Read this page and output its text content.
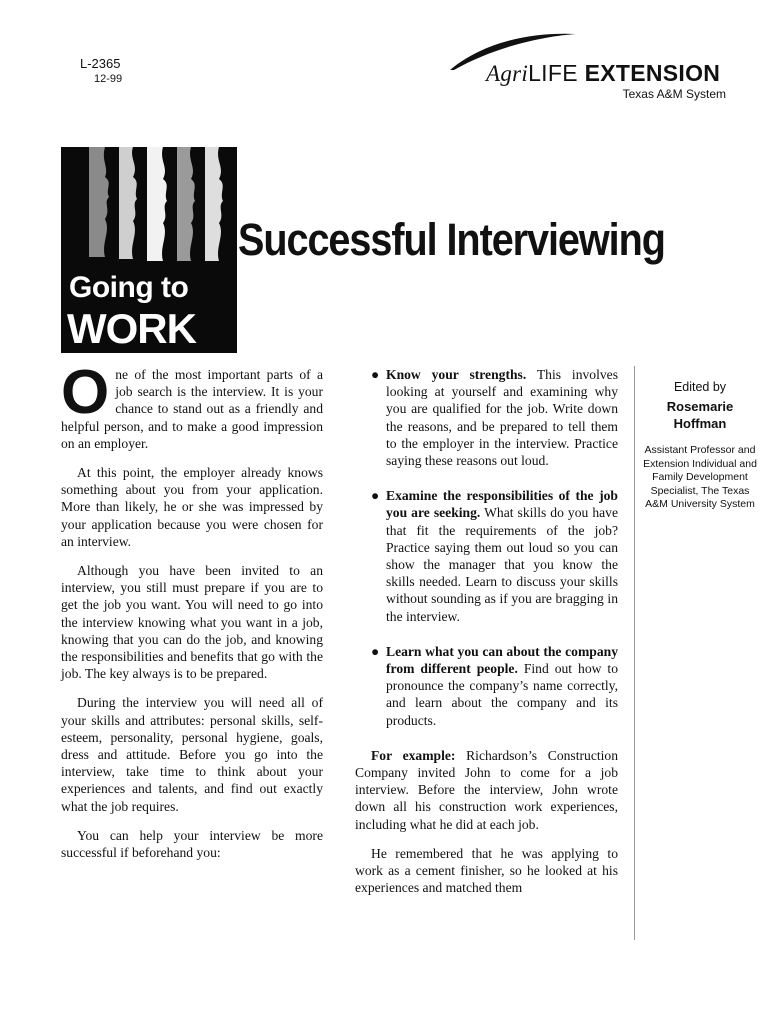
L-2365
12-99	AgriLIFE EXTENSION
Texas A&M System
Going to
WORK
Successful Interviewing

One of the most important parts of a job search is the interview. It is your chance to stand out as a friendly and helpful person, and to make a good impression on an employer.

At this point, the employer already knows something about you from your application. More than likely, he or she was impressed by your application because you were chosen for an interview.

Although you have been invited to an interview, you still must prepare if you are to get the job you want. You will need to go into the interview knowing what you want in a job, knowing that you can do the job, and knowing the responsibilities and benefits that go with the job. The key always is to be prepared.

During the interview you will need all of your skills and attributes: personal skills, self-esteem, personality, personal hygiene, goals, dress and attitude. Before you go into the interview, take time to think about your experiences and talents, and find out exactly what the job requires.

You can help your interview be more successful if beforehand you:

● Know your strengths. This involves looking at yourself and examining why you are qualified for the job. Write down the reasons, and be prepared to tell them to the employer in the interview. Practice saying these reasons out loud.
● Examine the responsibilities of the job you are seeking. What skills do you have that fit the requirements of the job? Practice saying them out loud so you can show the manager that you know the skills needed. Learn to discuss your skills without sounding as if you are bragging in the interview.
● Learn what you can about the company from different people. Find out how to pronounce the company’s name correctly, and learn about the company and its products.

For example: Richardson’s Construction Company invited John to come for a job interview. Before the interview, John wrote down all his construction work experiences, including what he did at each job.

He remembered that he was applying to work as a cement finisher, so he looked at his experiences and matched them

Edited by
Rosemarie
Hoffman
Assistant Professor and Extension Individual and Family Development Specialist, The Texas A&M University System
